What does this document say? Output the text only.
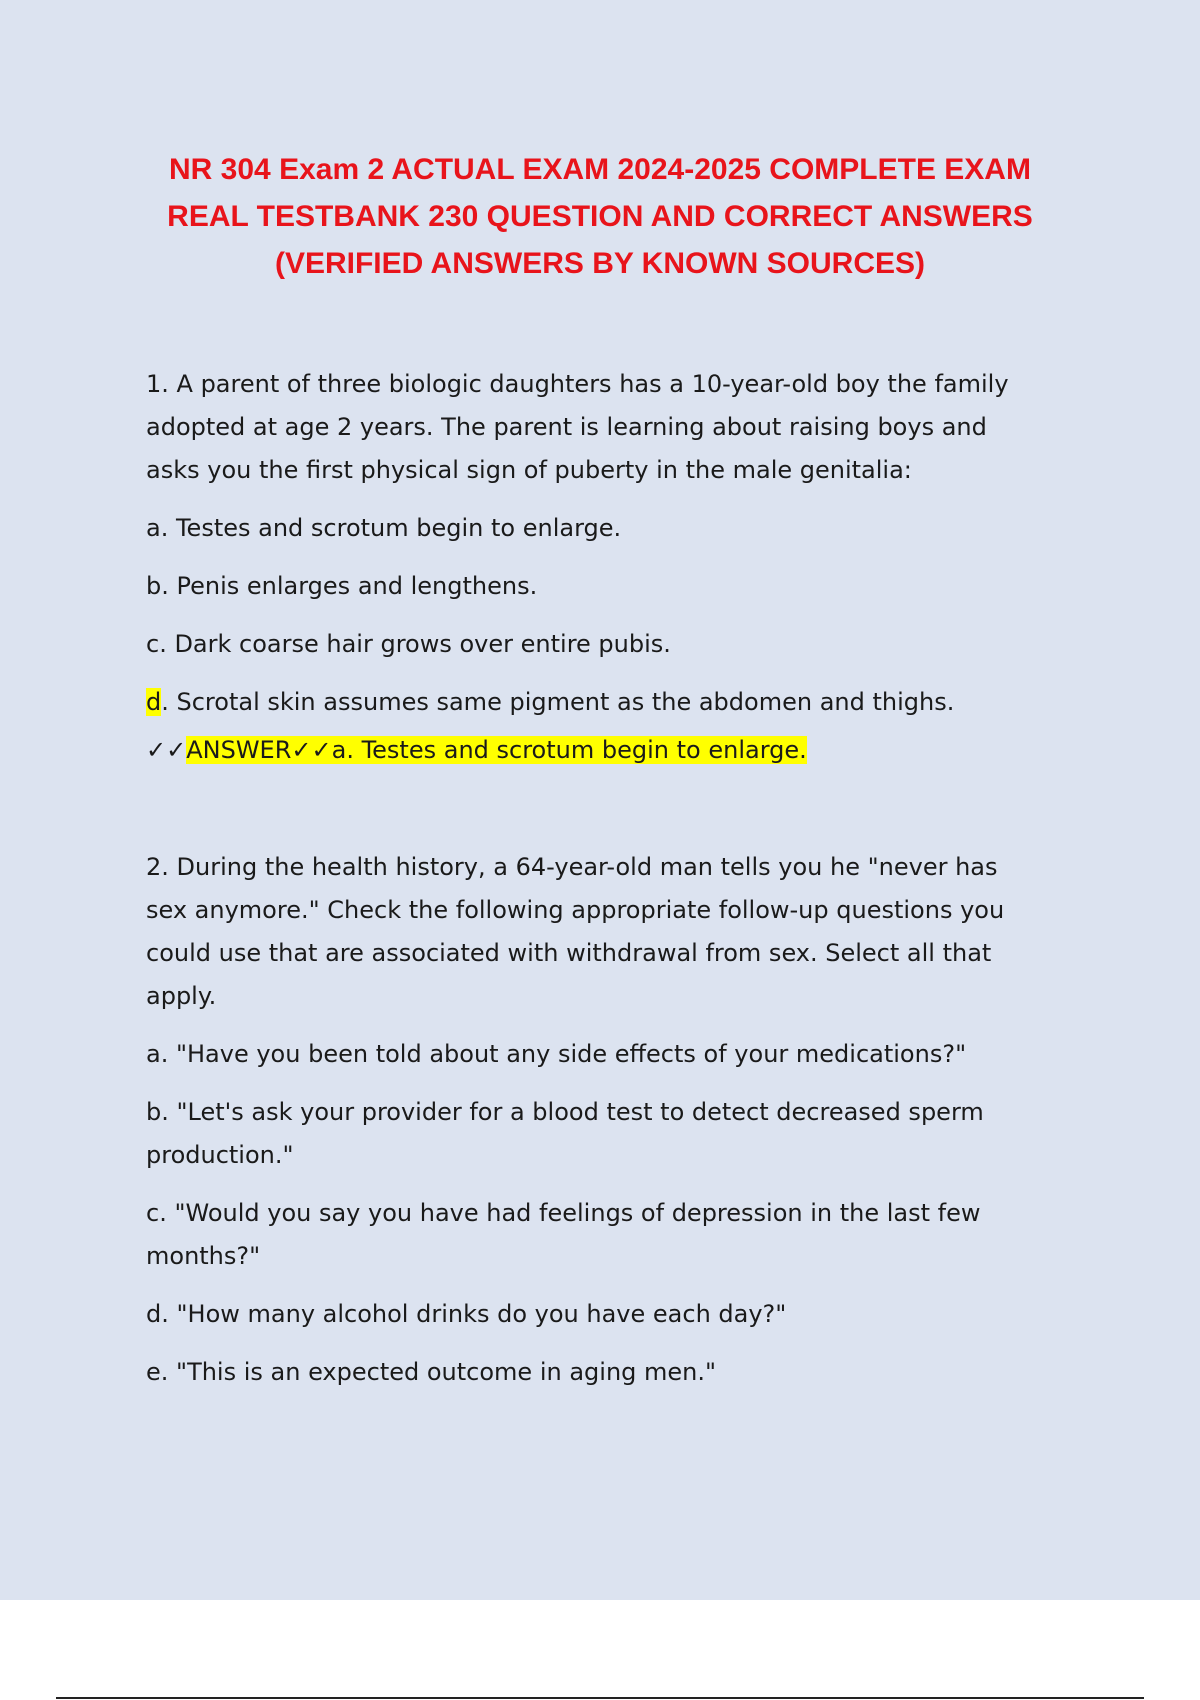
NR 304 Exam 2 ACTUAL EXAM 2024-2025 COMPLETE EXAM
REAL TESTBANK 230 QUESTION AND CORRECT ANSWERS
(VERIFIED ANSWERS BY KNOWN SOURCES)

1. A parent of three biologic daughters has a 10-year-old boy the family
adopted at age 2 years. The parent is learning about raising boys and
asks you the first physical sign of puberty in the male genitalia:

a. Testes and scrotum begin to enlarge.

b. Penis enlarges and lengthens.

c. Dark coarse hair grows over entire pubis.

d. Scrotal skin assumes same pigment as the abdomen and thighs.

✓✓ANSWER✓✓a. Testes and scrotum begin to enlarge.

2. During the health history, a 64-year-old man tells you he "never has
sex anymore." Check the following appropriate follow-up questions you
could use that are associated with withdrawal from sex. Select all that
apply.

a. "Have you been told about any side effects of your medications?"

b. "Let's ask your provider for a blood test to detect decreased sperm
production."

c. "Would you say you have had feelings of depression in the last few
months?"

d. "How many alcohol drinks do you have each day?"

e. "This is an expected outcome in aging men."
